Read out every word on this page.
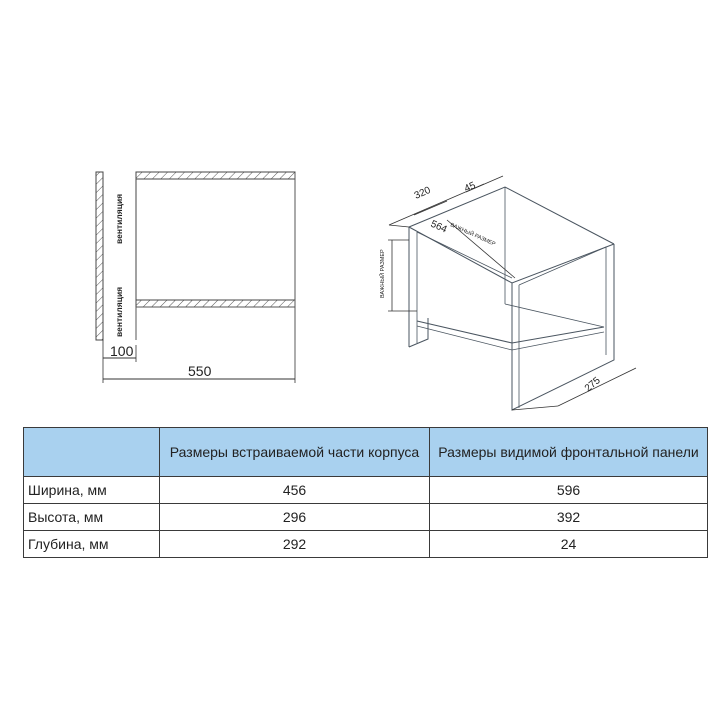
вентиляция
вентиляция
100
550
320	45
564 ВАЖНЫЙ РАЗМЕР
ВАЖНЫЙ РАЗМЕР
275
	Размеры встраиваемой части корпуса	Размеры видимой фронтальной панели
Ширина, мм	456	596
Высота, мм	296	392
Глубина, мм	292	24
